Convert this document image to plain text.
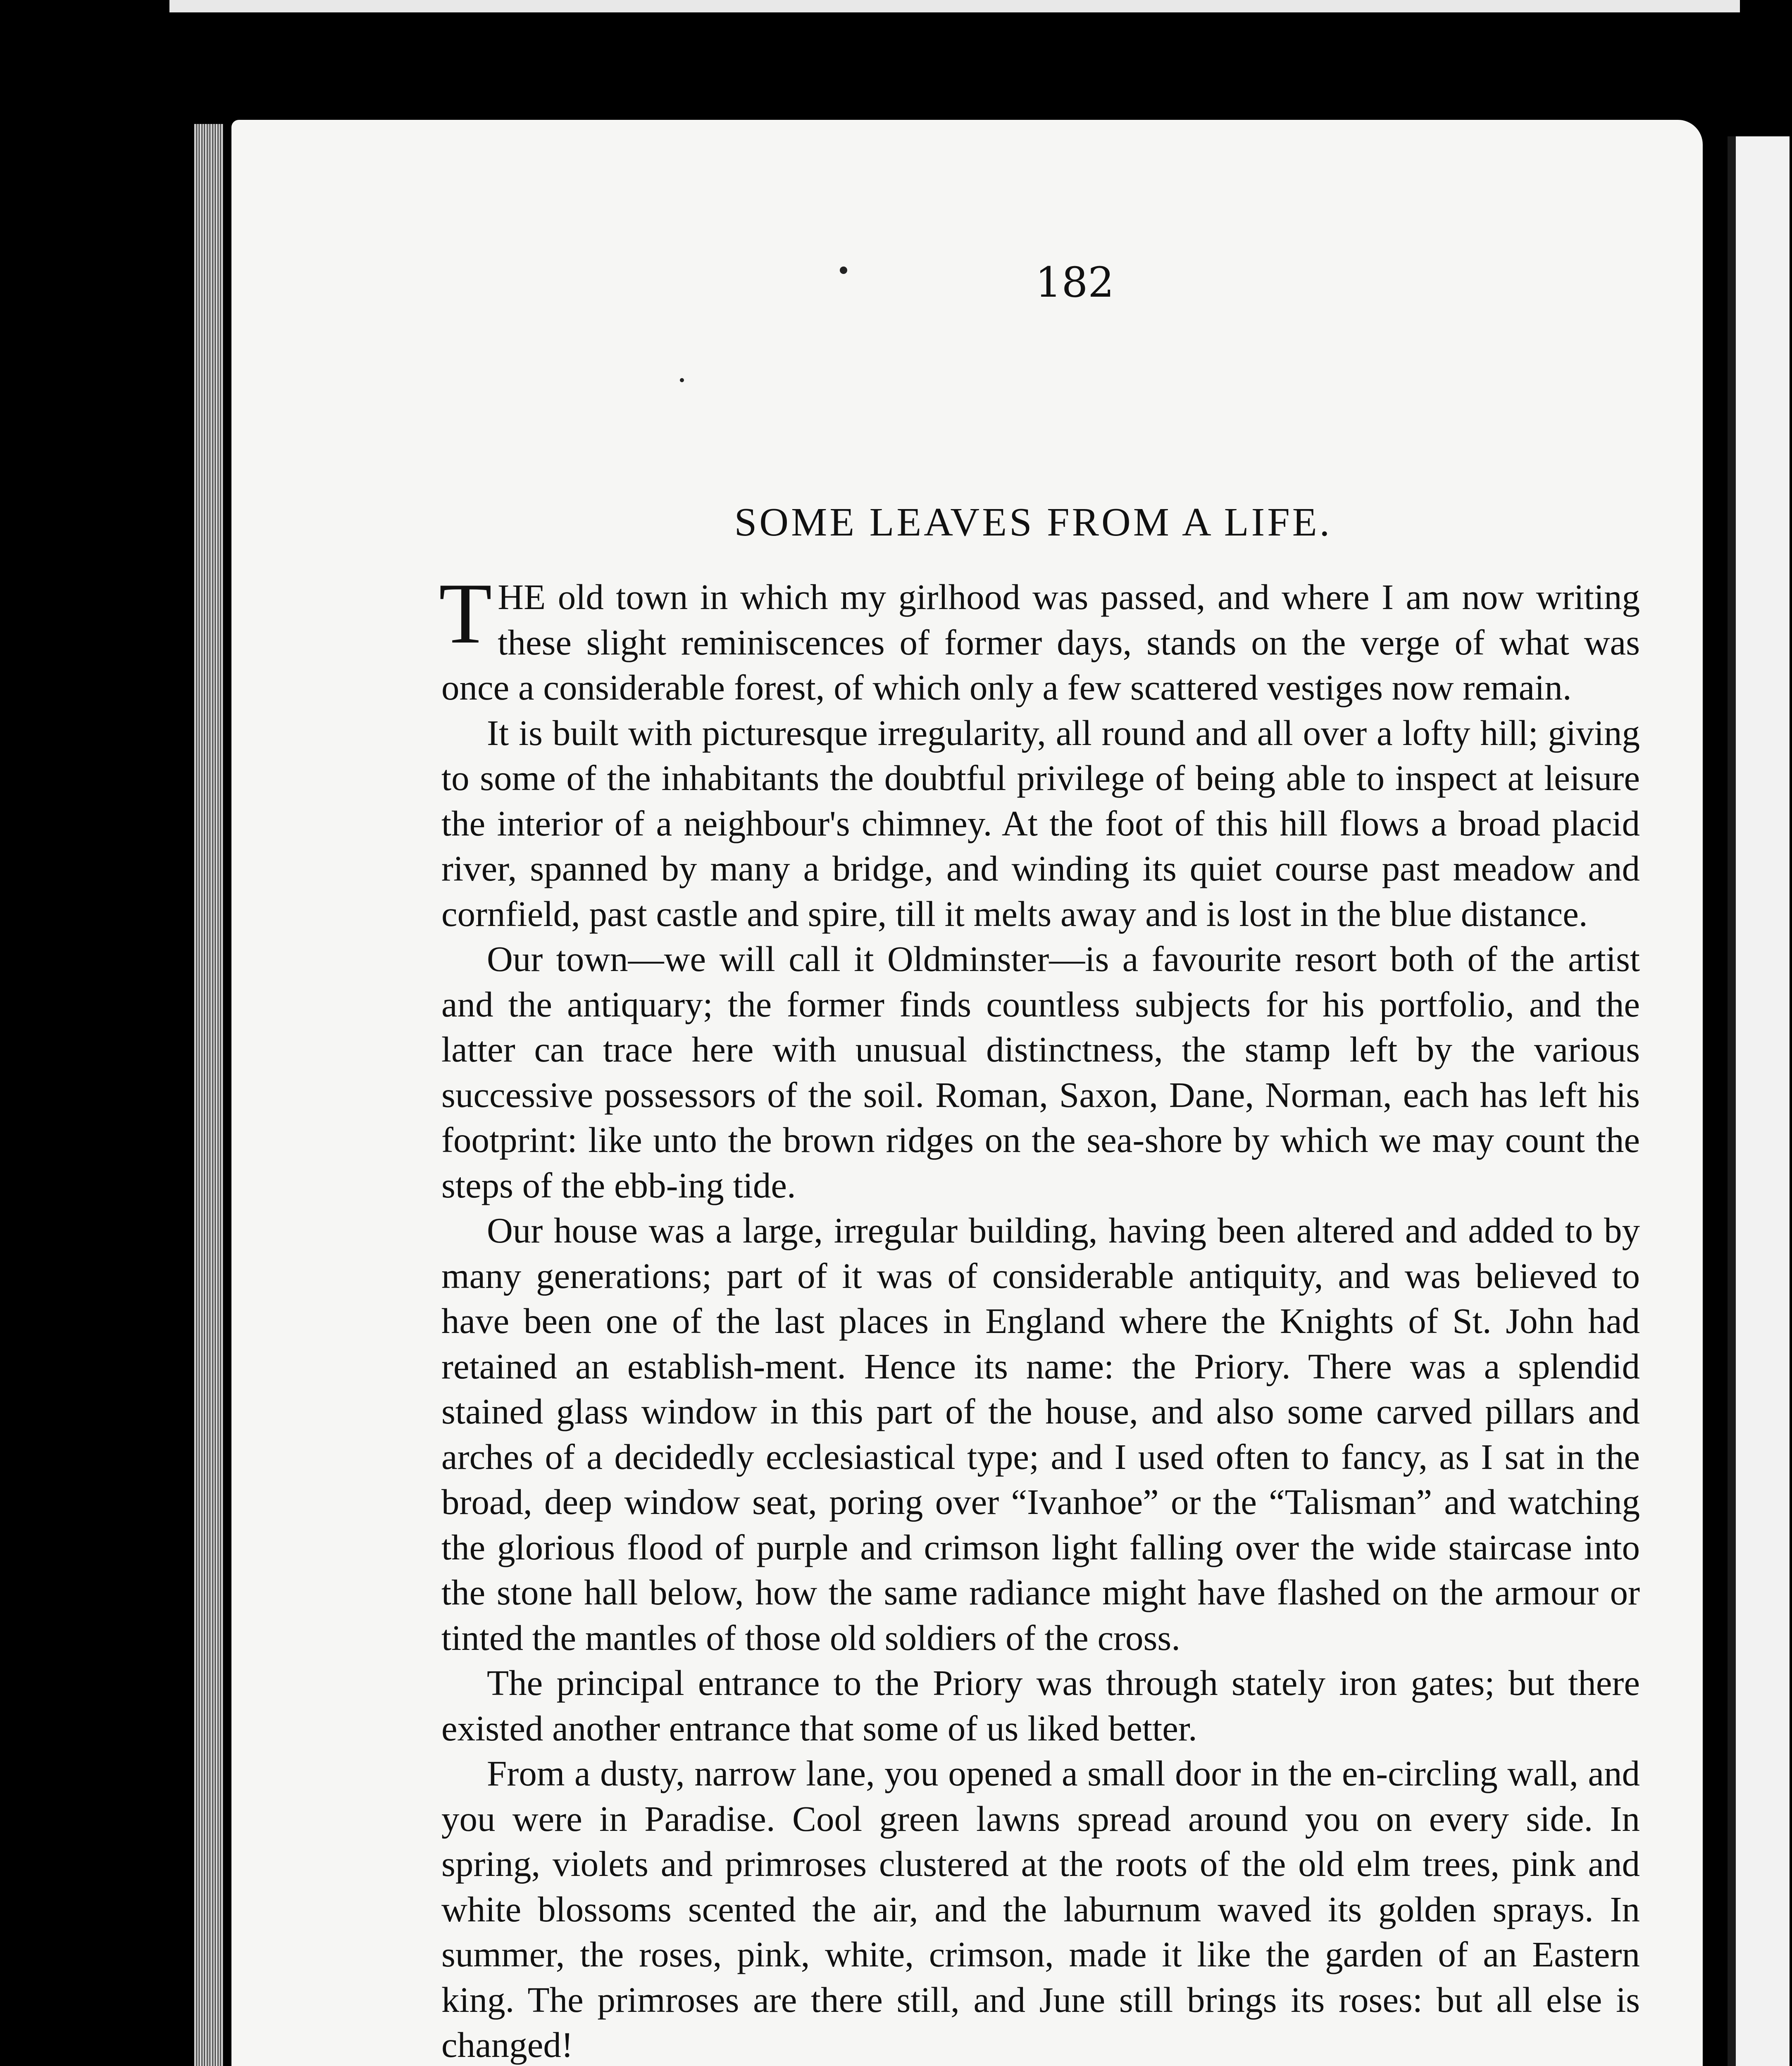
182

SOME LEAVES FROM A LIFE.

THE old town in which my girlhood was passed, and where I am now writing these slight reminiscences of former days, stands on the verge of what was once a considerable forest, of which only a few scattered vestiges now remain.

It is built with picturesque irregularity, all round and all over a lofty hill; giving to some of the inhabitants the doubtful privilege of being able to inspect at leisure the interior of a neighbour's chimney. At the foot of this hill flows a broad placid river, spanned by many a bridge, and winding its quiet course past meadow and cornfield, past castle and spire, till it melts away and is lost in the blue distance.

Our town—we will call it Oldminster—is a favourite resort both of the artist and the antiquary; the former finds countless subjects for his portfolio, and the latter can trace here with unusual distinctness, the stamp left by the various successive possessors of the soil. Roman, Saxon, Dane, Norman, each has left his footprint: like unto the brown ridges on the sea-shore by which we may count the steps of the ebb-ing tide.

Our house was a large, irregular building, having been altered and added to by many generations; part of it was of considerable antiquity, and was believed to have been one of the last places in England where the Knights of St. John had retained an establish-ment. Hence its name: the Priory. There was a splendid stained glass window in this part of the house, and also some carved pillars and arches of a decidedly ecclesiastical type; and I used often to fancy, as I sat in the broad, deep window seat, poring over “Ivanhoe” or the “Talisman” and watching the glorious flood of purple and crimson light falling over the wide staircase into the stone hall below, how the same radiance might have flashed on the armour or tinted the mantles of those old soldiers of the cross.

The principal entrance to the Priory was through stately iron gates; but there existed another entrance that some of us liked better.

From a dusty, narrow lane, you opened a small door in the en-circling wall, and you were in Paradise. Cool green lawns spread around you on every side. In spring, violets and primroses clustered at the roots of the old elm trees, pink and white blossoms scented the air, and the laburnum waved its golden sprays. In summer, the roses, pink, white, crimson, made it like the garden of an Eastern king. The primroses are there still, and June still brings its roses: but all else is changed!
